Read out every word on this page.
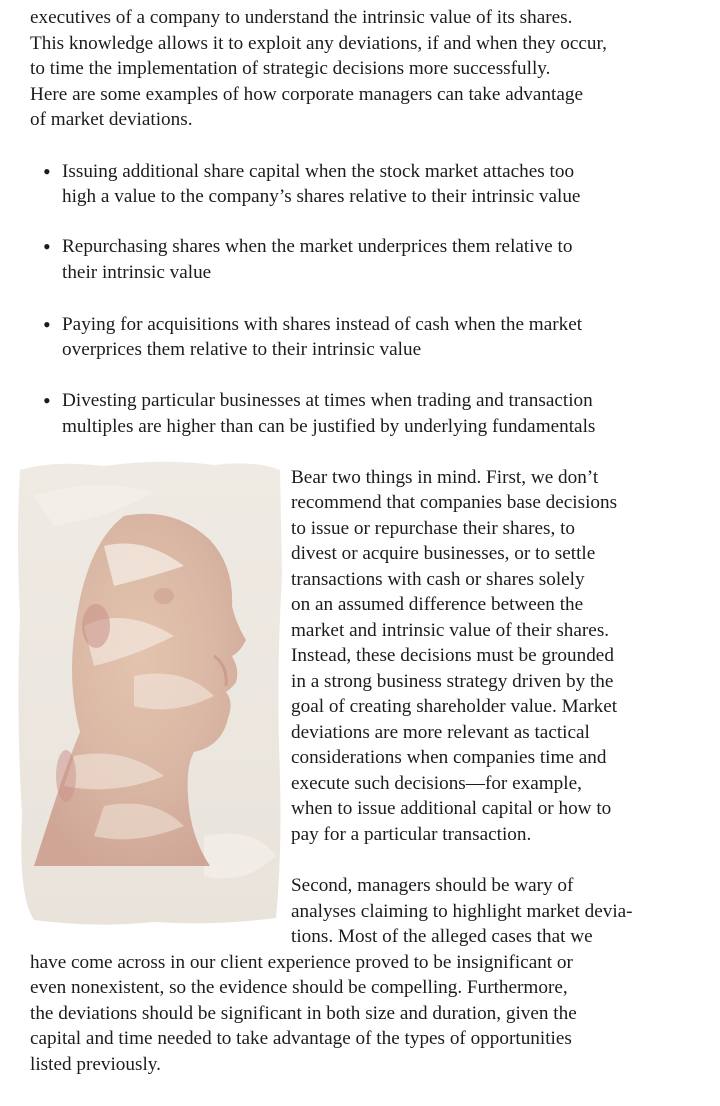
executives of a company to understand the intrinsic value of its shares.
This knowledge allows it to exploit any deviations, if and when they occur,
to time the implementation of strategic decisions more successfully.
Here are some examples of how corporate managers can take advantage
of market deviations.
• Issuing additional share capital when the stock market attaches too
high a value to the company’s shares relative to their intrinsic value
• Repurchasing shares when the market underprices them relative to
their intrinsic value
• Paying for acquisitions with shares instead of cash when the market
overprices them relative to their intrinsic value
• Divesting particular businesses at times when trading and transaction
multiples are higher than can be justified by underlying fundamentals
Bear two things in mind. First, we don’t
recommend that companies base decisions
to issue or repurchase their shares, to
divest or acquire businesses, or to settle
transactions with cash or shares solely
on an assumed difference between the
market and intrinsic value of their shares.
Instead, these decisions must be grounded
in a strong business strategy driven by the
goal of creating shareholder value. Market
deviations are more relevant as tactical
considerations when companies time and
execute such decisions—for example,
when to issue additional capital or how to
pay for a particular transaction.
Second, managers should be wary of
analyses claiming to highlight market devia-
tions. Most of the alleged cases that we
have come across in our client experience proved to be insignificant or
even nonexistent, so the evidence should be compelling. Furthermore,
the deviations should be significant in both size and duration, given the
capital and time needed to take advantage of the types of opportunities
listed previously.
